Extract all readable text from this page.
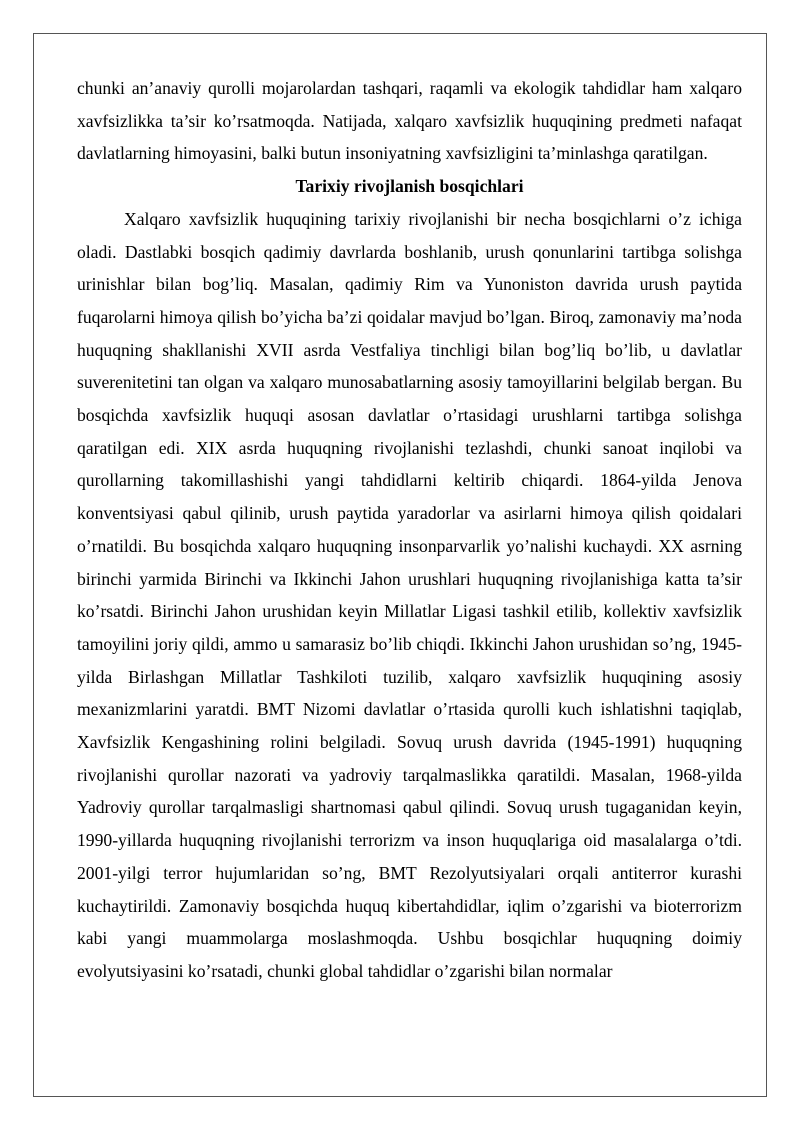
chunki an’anaviy qurolli mojarolardan tashqari, raqamli va ekologik tahdidlar ham xalqaro xavfsizlikka ta’sir ko’rsatmoqda. Natijada, xalqaro xavfsizlik huquqining predmeti nafaqat davlatlarning himoyasini, balki butun insoniyatning xavfsizligini ta’minlashga qaratilgan.

Tarixiy rivojlanish bosqichlari

Xalqaro xavfsizlik huquqining tarixiy rivojlanishi bir necha bosqichlarni o’z ichiga oladi. Dastlabki bosqich qadimiy davrlarda boshlanib, urush qonunlarini tartibga solishga urinishlar bilan bog’liq. Masalan, qadimiy Rim va Yunoniston davrida urush paytida fuqarolarni himoya qilish bo’yicha ba’zi qoidalar mavjud bo’lgan. Biroq, zamonaviy ma’noda huquqning shakllanishi XVII asrda Vestfaliya tinchligi bilan bog’liq bo’lib, u davlatlar suverenitetini tan olgan va xalqaro munosabatlarning asosiy tamoyillarini belgilab bergan. Bu bosqichda xavfsizlik huquqi asosan davlatlar o’rtasidagi urushlarni tartibga solishga qaratilgan edi. XIX asrda huquqning rivojlanishi tezlashdi, chunki sanoat inqilobi va qurollarning takomillashishi yangi tahdidlarni keltirib chiqardi. 1864-yilda Jenova konventsiyasi qabul qilinib, urush paytida yaradorlar va asirlarni himoya qilish qoidalari o’rnatildi. Bu bosqichda xalqaro huquqning insonparvarlik yo’nalishi kuchaydi. XX asrning birinchi yarmida Birinchi va Ikkinchi Jahon urushlari huquqning rivojlanishiga katta ta’sir ko’rsatdi. Birinchi Jahon urushidan keyin Millatlar Ligasi tashkil etilib, kollektiv xavfsizlik tamoyilini joriy qildi, ammo u samarasiz bo’lib chiqdi. Ikkinchi Jahon urushidan so’ng, 1945-yilda Birlashgan Millatlar Tashkiloti tuzilib, xalqaro xavfsizlik huquqining asosiy mexanizmlarini yaratdi. BMT Nizomi davlatlar o’rtasida qurolli kuch ishlatishni taqiqlab, Xavfsizlik Kengashining rolini belgiladi. Sovuq urush davrida (1945-1991) huquqning rivojlanishi qurollar nazorati va yadroviy tarqalmaslikka qaratildi. Masalan, 1968-yilda Yadroviy qurollar tarqalmasligi shartnomasi qabul qilindi. Sovuq urush tugaganidan keyin, 1990-yillarda huquqning rivojlanishi terrorizm va inson huquqlariga oid masalalarga o’tdi. 2001-yilgi terror hujumlaridan so’ng, BMT Rezolyutsiyalari orqali antiterror kurashi kuchaytirildi. Zamonaviy bosqichda huquq kibertahdidlar, iqlim o’zgarishi va bioterrorizm kabi yangi muammolarga moslashmoqda. Ushbu bosqichlar huquqning doimiy evolyutsiyasini ko’rsatadi, chunki global tahdidlar o’zgarishi bilan normalar
